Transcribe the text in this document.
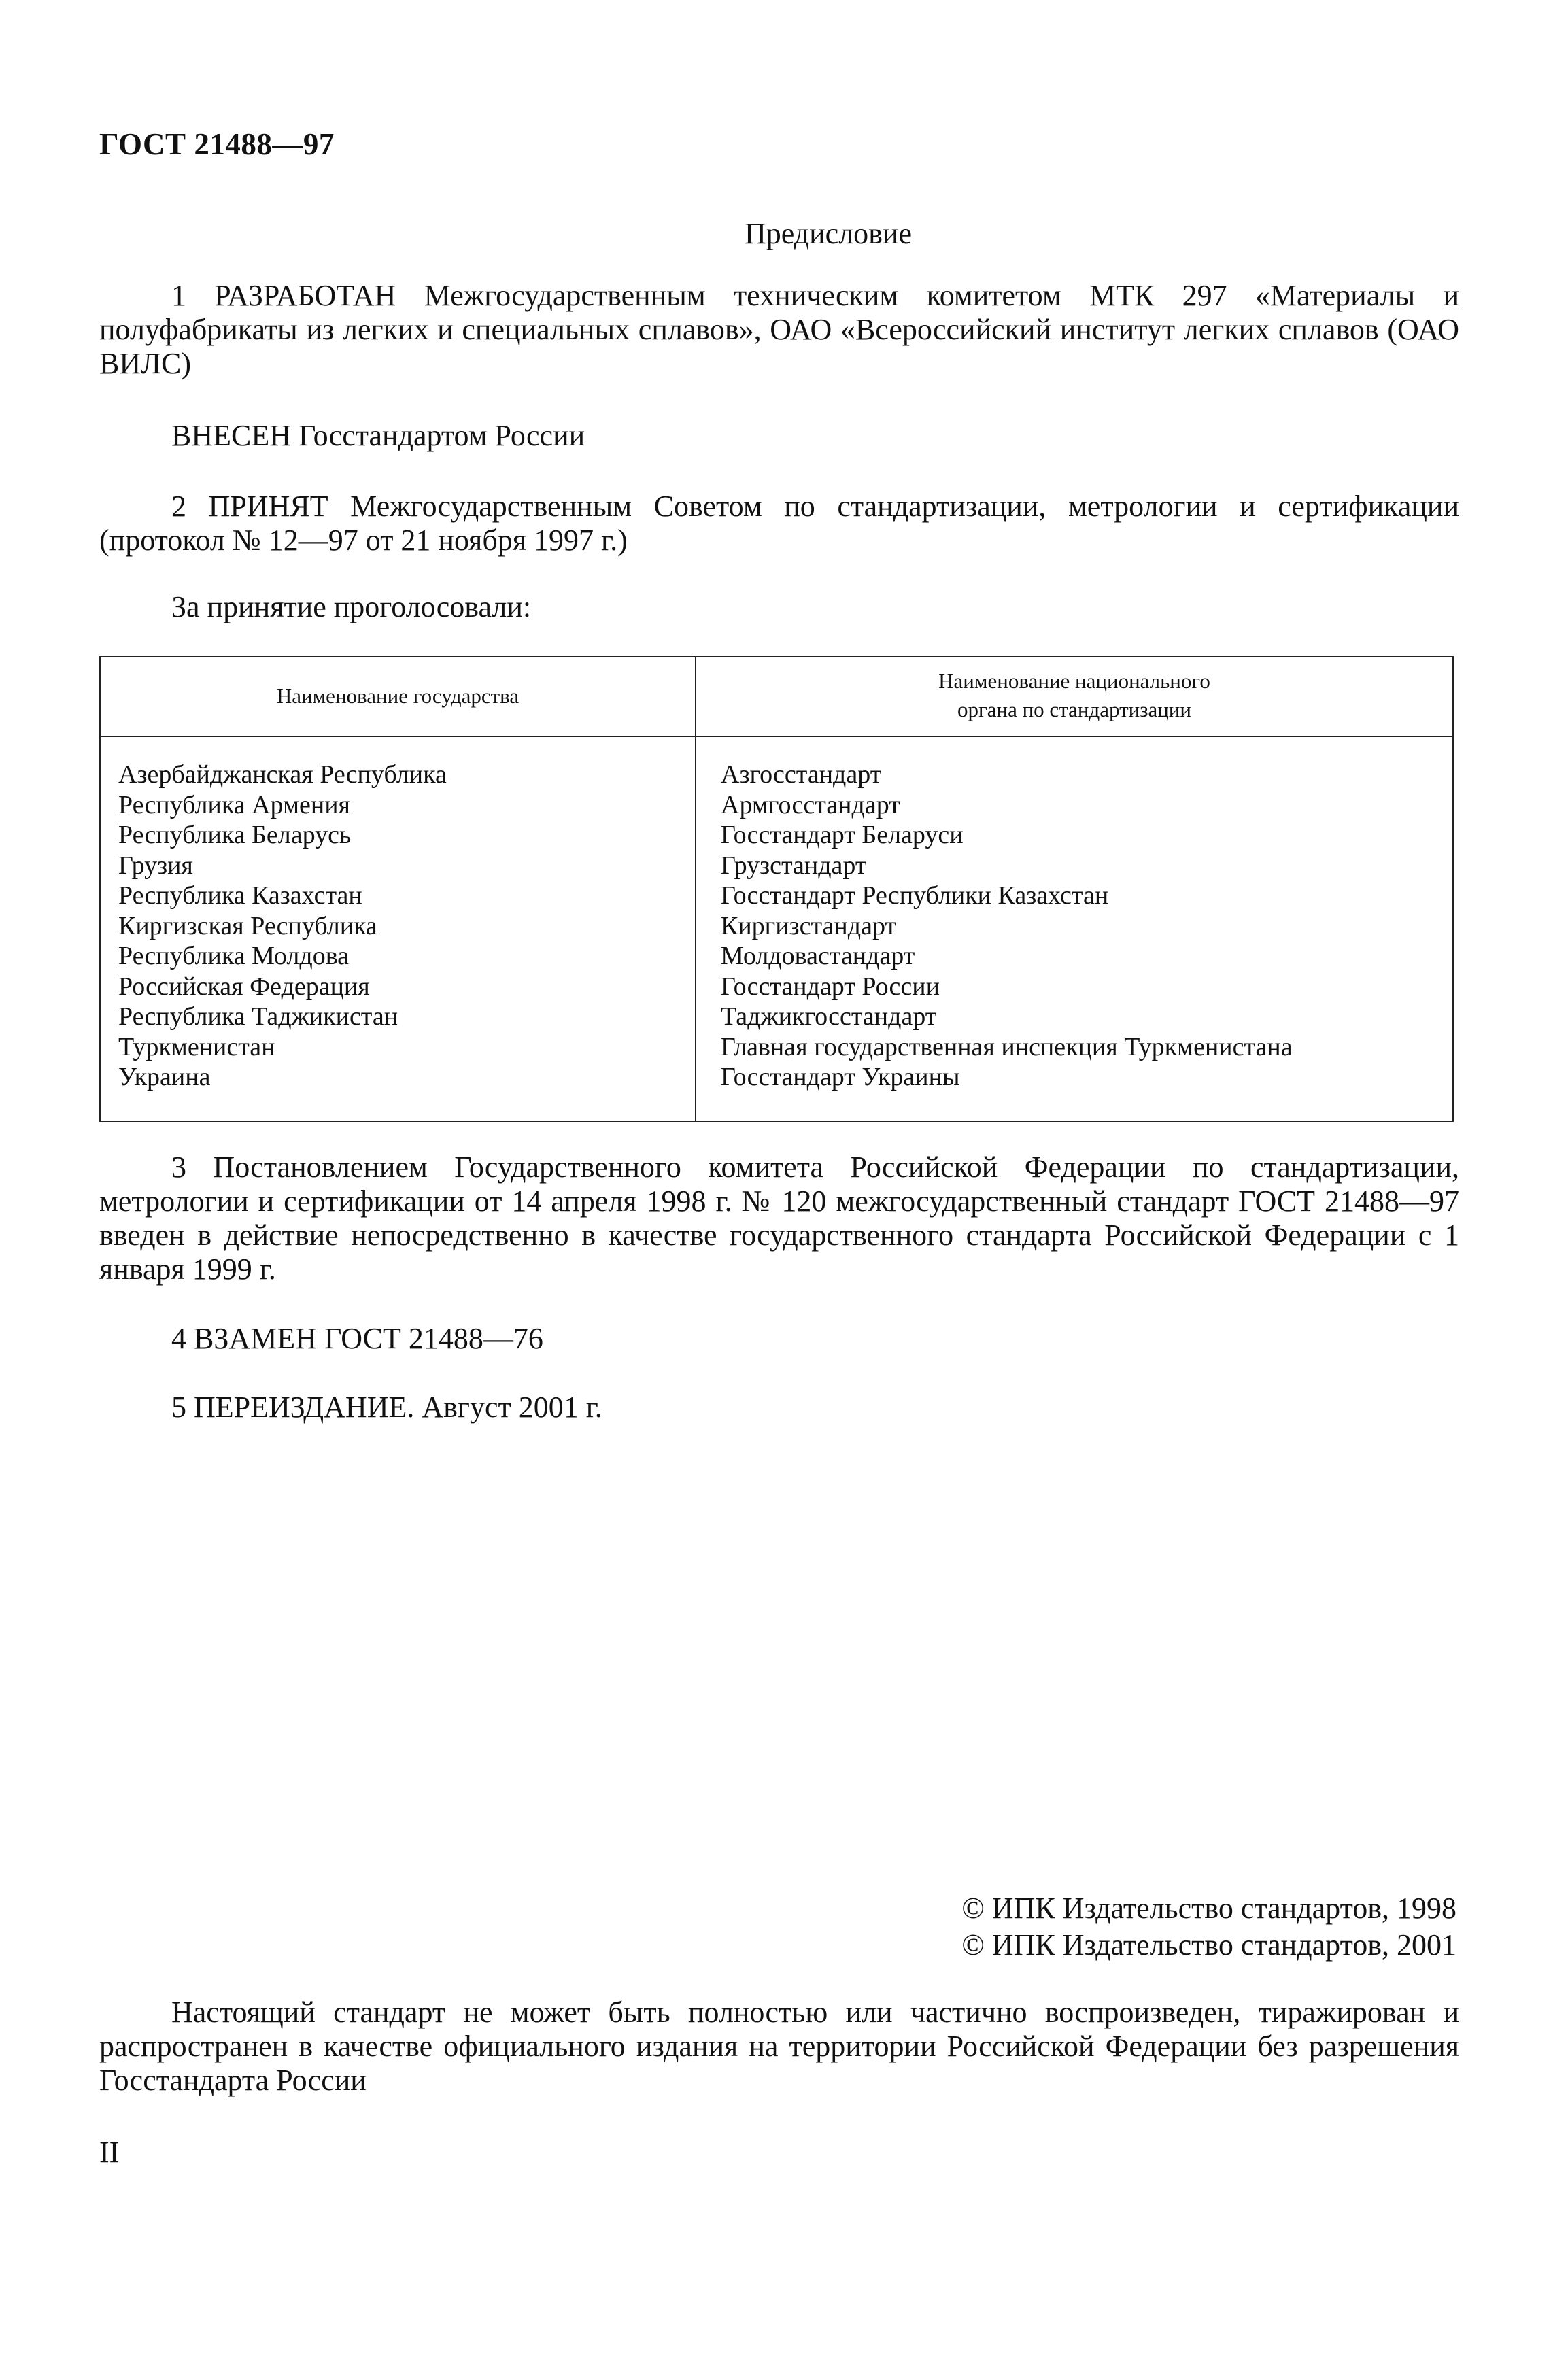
ГОСТ 21488—97
Предисловие

1 РАЗРАБОТАН Межгосударственным техническим комитетом МТК 297 «Материалы и полуфабрикаты из легких и специальных сплавов», ОАО «Всероссийский институт легких сплавов (ОАО ВИЛС)

ВНЕСЕН Госстандартом России

2 ПРИНЯТ Межгосударственным Советом по стандартизации, метрологии и сертификации (протокол № 12—97 от 21 ноября 1997 г.)

За принятие проголосовали:

Наименование государства
Наименование национального
органа по стандартизации
Азербайджанская Республика
Республика Армения
Республика Беларусь
Грузия
Республика Казахстан
Киргизская Республика
Республика Молдова
Российская Федерация
Республика Таджикистан
Туркменистан
Украина
Азгосстандарт
Армгосстандарт
Госстандарт Беларуси
Грузстандарт
Госстандарт Республики Казахстан
Киргизстандарт
Молдовастандарт
Госстандарт России
Таджикгосстандарт
Главная государственная инспекция Туркменистана
Госстандарт Украины

3 Постановлением Государственного комитета Российской Федерации по стандартизации, метрологии и сертификации от 14 апреля 1998 г. № 120 межгосударственный стандарт ГОСТ 21488—97 введен в действие непосредственно в качестве государственного стандарта Российской Федерации с 1 января 1999 г.

4 ВЗАМЕН ГОСТ 21488—76

5 ПЕРЕИЗДАНИЕ. Август 2001 г.

© ИПК Издательство стандартов, 1998
© ИПК Издательство стандартов, 2001

Настоящий стандарт не может быть полностью или частично воспроизведен, тиражирован и распространен в качестве официального издания на территории Российской Федерации без разрешения Госстандарта России

II
